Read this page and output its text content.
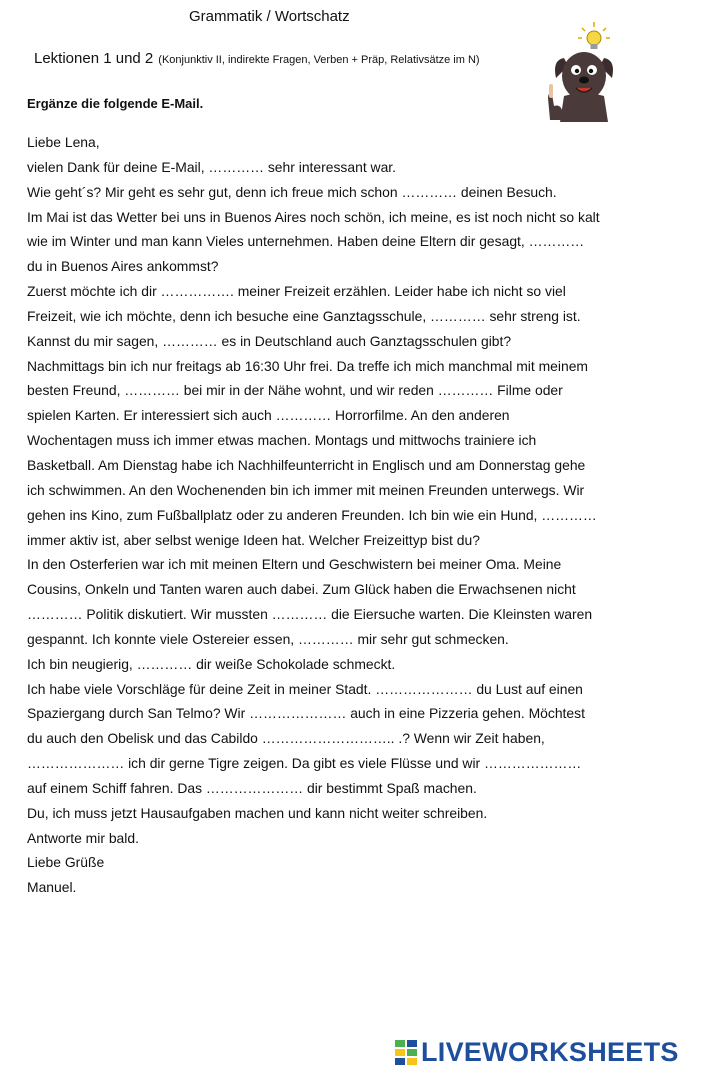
Grammatik / Wortschatz
Lektionen 1 und 2 (Konjunktiv II, indirekte Fragen, Verben + Präp, Relativsätze im N)
Ergänze die folgende E-Mail.
Liebe Lena,
vielen Dank für deine E-Mail, ………… sehr interessant war.
Wie geht´s? Mir geht es sehr gut, denn ich freue mich schon ………… deinen Besuch.
Im Mai ist das Wetter bei uns in Buenos Aires noch schön, ich meine, es ist noch nicht so kalt
wie im Winter und man kann Vieles unternehmen. Haben deine Eltern dir gesagt, …………
du in Buenos Aires ankommst?
Zuerst möchte ich dir ……………. meiner Freizeit erzählen. Leider habe ich nicht so viel
Freizeit, wie ich möchte, denn ich besuche eine Ganztagsschule, ………… sehr streng ist.
Kannst du mir sagen, ………… es in Deutschland auch Ganztagsschulen gibt?
Nachmittags bin ich nur freitags ab 16:30 Uhr frei. Da treffe ich mich manchmal mit meinem
besten Freund, ………… bei mir in der Nähe wohnt, und wir reden ………… Filme oder
spielen Karten. Er interessiert sich auch ………… Horrorfilme. An den anderen
Wochentagen muss ich immer etwas machen. Montags und mittwochs trainiere ich
Basketball. Am Dienstag habe ich Nachhilfeunterricht in Englisch und am Donnerstag gehe
ich schwimmen. An den Wochenenden bin ich immer mit meinen Freunden unterwegs. Wir
gehen ins Kino, zum Fußballplatz oder zu anderen Freunden. Ich bin wie ein Hund, …………
immer aktiv ist, aber selbst wenige Ideen hat. Welcher Freizeittyp bist du?
In den Osterferien war ich mit meinen Eltern und Geschwistern bei meiner Oma. Meine
Cousins, Onkeln und Tanten waren auch dabei. Zum Glück haben die Erwachsenen nicht
………… Politik diskutiert. Wir mussten ………… die Eiersuche warten. Die Kleinsten waren
gespannt. Ich konnte viele Ostereier essen, ………… mir sehr gut schmecken.
Ich bin neugierig, ………… dir weiße Schokolade schmeckt.
Ich habe viele Vorschläge für deine Zeit in meiner Stadt. ………………… du Lust auf einen
Spaziergang durch San Telmo? Wir ………………… auch in eine Pizzeria gehen. Möchtest
du auch den Obelisk und das Cabildo ……………………….. .? Wenn wir Zeit haben,
………………… ich dir gerne Tigre zeigen. Da gibt es viele Flüsse und wir …………………
auf einem Schiff fahren. Das ………………… dir bestimmt Spaß machen.
Du, ich muss jetzt Hausaufgaben machen und kann nicht weiter schreiben.
Antworte mir bald.
Liebe Grüße
Manuel.
LIVEWORKSHEETS
